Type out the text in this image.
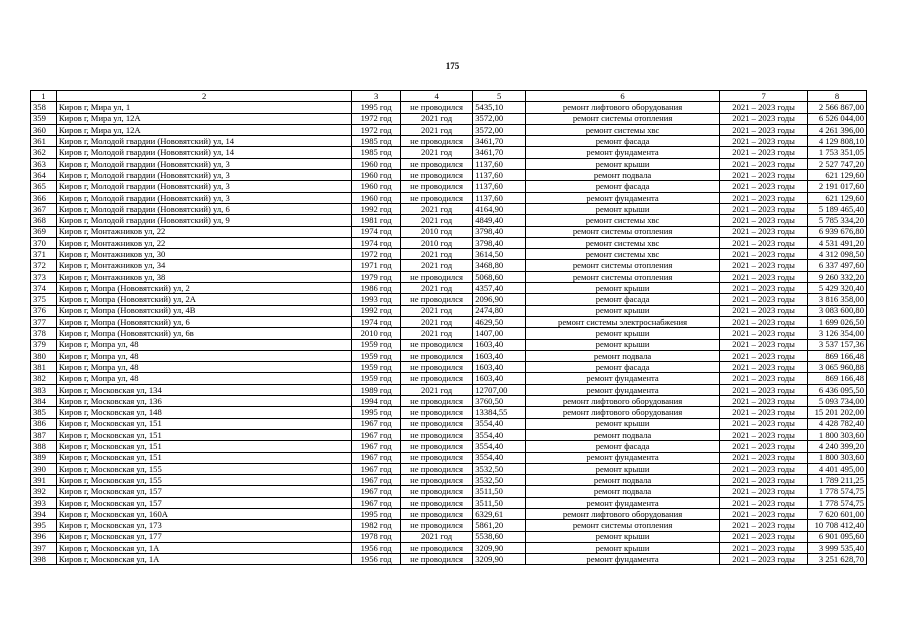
175
1	2	3	4	5	6	7	8
358	Киров г, Мира ул, 1	1995 год	не проводился	5435,10	ремонт лифтового оборудования	2021 – 2023 годы	2 566 867,00
359	Киров г, Мира ул, 12А	1972 год	2021 год	3572,00	ремонт системы отопления	2021 – 2023 годы	6 526 044,00
360	Киров г, Мира ул, 12А	1972 год	2021 год	3572,00	ремонт системы хвс	2021 – 2023 годы	4 261 396,00
361	Киров г, Молодой гвардии (Нововятский) ул, 14	1985 год	не проводился	3461,70	ремонт фасада	2021 – 2023 годы	4 129 808,10
362	Киров г, Молодой гвардии (Нововятский) ул, 14	1985 год	2021 год	3461,70	ремонт фундамента	2021 – 2023 годы	1 753 351,05
363	Киров г, Молодой гвардии (Нововятский) ул, 3	1960 год	не проводился	1137,60	ремонт крыши	2021 – 2023 годы	2 527 747,20
364	Киров г, Молодой гвардии (Нововятский) ул, 3	1960 год	не проводился	1137,60	ремонт подвала	2021 – 2023 годы	621 129,60
365	Киров г, Молодой гвардии (Нововятский) ул, 3	1960 год	не проводился	1137,60	ремонт фасада	2021 – 2023 годы	2 191 017,60
366	Киров г, Молодой гвардии (Нововятский) ул, 3	1960 год	не проводился	1137,60	ремонт фундамента	2021 – 2023 годы	621 129,60
367	Киров г, Молодой гвардии (Нововятский) ул, 6	1992 год	2021 год	4164,90	ремонт крыши	2021 – 2023 годы	5 189 465,40
368	Киров г, Молодой гвардии (Нововятский) ул, 9	1981 год	2021 год	4849,40	ремонт системы хвс	2021 – 2023 годы	5 785 334,20
369	Киров г, Монтажников ул, 22	1974 год	2010 год	3798,40	ремонт системы отопления	2021 – 2023 годы	6 939 676,80
370	Киров г, Монтажников ул, 22	1974 год	2010 год	3798,40	ремонт системы хвс	2021 – 2023 годы	4 531 491,20
371	Киров г, Монтажников ул, 30	1972 год	2021 год	3614,50	ремонт системы хвс	2021 – 2023 годы	4 312 098,50
372	Киров г, Монтажников ул, 34	1971 год	2021 год	3468,80	ремонт системы отопления	2021 – 2023 годы	6 337 497,60
373	Киров г, Монтажников ул, 38	1979 год	не проводился	5068,60	ремонт системы отопления	2021 – 2023 годы	9 260 332,20
374	Киров г, Мопра (Нововятский) ул, 2	1986 год	2021 год	4357,40	ремонт крыши	2021 – 2023 годы	5 429 320,40
375	Киров г, Мопра (Нововятский) ул, 2А	1993 год	не проводился	2096,90	ремонт фасада	2021 – 2023 годы	3 816 358,00
376	Киров г, Мопра (Нововятский) ул, 4В	1992 год	2021 год	2474,80	ремонт крыши	2021 – 2023 годы	3 083 600,80
377	Киров г, Мопра (Нововятский) ул, 6	1974 год	2021 год	4629,50	ремонт системы электроснабжения	2021 – 2023 годы	1 699 026,50
378	Киров г, Мопра (Нововятский) ул, 6в	2010 год	2021 год	1407,00	ремонт крыши	2021 – 2023 годы	3 126 354,00
379	Киров г, Мопра ул, 48	1959 год	не проводился	1603,40	ремонт крыши	2021 – 2023 годы	3 537 157,36
380	Киров г, Мопра ул, 48	1959 год	не проводился	1603,40	ремонт подвала	2021 – 2023 годы	869 166,48
381	Киров г, Мопра ул, 48	1959 год	не проводился	1603,40	ремонт фасада	2021 – 2023 годы	3 065 960,88
382	Киров г, Мопра ул, 48	1959 год	не проводился	1603,40	ремонт фундамента	2021 – 2023 годы	869 166,48
383	Киров г, Московская ул, 134	1989 год	2021 год	12707,00	ремонт фундамента	2021 – 2023 годы	6 436 095,50
384	Киров г, Московская ул, 136	1994 год	не проводился	3760,50	ремонт лифтового оборудования	2021 – 2023 годы	5 093 734,00
385	Киров г, Московская ул, 148	1995 год	не проводился	13384,55	ремонт лифтового оборудования	2021 – 2023 годы	15 201 202,00
386	Киров г, Московская ул, 151	1967 год	не проводился	3554,40	ремонт крыши	2021 – 2023 годы	4 428 782,40
387	Киров г, Московская ул, 151	1967 год	не проводился	3554,40	ремонт подвала	2021 – 2023 годы	1 800 303,60
388	Киров г, Московская ул, 151	1967 год	не проводился	3554,40	ремонт фасада	2021 – 2023 годы	4 240 399,20
389	Киров г, Московская ул, 151	1967 год	не проводился	3554,40	ремонт фундамента	2021 – 2023 годы	1 800 303,60
390	Киров г, Московская ул, 155	1967 год	не проводился	3532,50	ремонт крыши	2021 – 2023 годы	4 401 495,00
391	Киров г, Московская ул, 155	1967 год	не проводился	3532,50	ремонт подвала	2021 – 2023 годы	1 789 211,25
392	Киров г, Московская ул, 157	1967 год	не проводился	3511,50	ремонт подвала	2021 – 2023 годы	1 778 574,75
393	Киров г, Московская ул, 157	1967 год	не проводился	3511,50	ремонт фундамента	2021 – 2023 годы	1 778 574,75
394	Киров г, Московская ул, 160А	1995 год	не проводился	6329,61	ремонт лифтового оборудования	2021 – 2023 годы	7 620 601,00
395	Киров г, Московская ул, 173	1982 год	не проводился	5861,20	ремонт системы отопления	2021 – 2023 годы	10 708 412,40
396	Киров г, Московская ул, 177	1978 год	2021 год	5538,60	ремонт крыши	2021 – 2023 годы	6 901 095,60
397	Киров г, Московская ул, 1А	1956 год	не проводился	3209,90	ремонт крыши	2021 – 2023 годы	3 999 535,40
398	Киров г, Московская ул, 1А	1956 год	не проводился	3209,90	ремонт фундамента	2021 – 2023 годы	3 251 628,70
